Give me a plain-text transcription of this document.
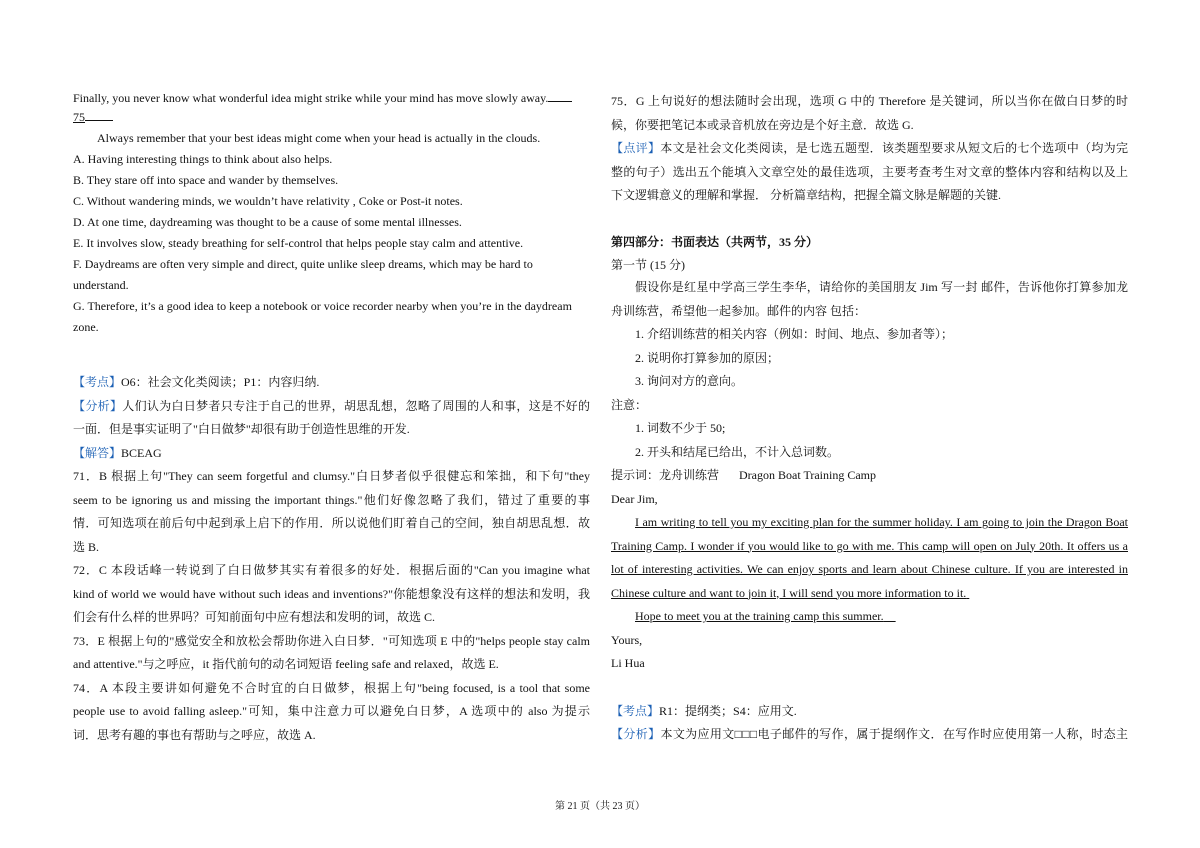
Finally, you never know what wonderful idea might strike while your mind has move slowly away.

75

Always remember that your best ideas might come when your head is actually in the clouds.

A. Having interesting things to think about also helps.

B. They stare off into space and wander by themselves.

C. Without wandering minds, we wouldn’t have relativity , Coke or Post-it notes.

D. At one time, daydreaming was thought to be a cause of some mental illnesses.

E. It involves slow, steady breathing for self-control that helps people stay calm and attentive.

F. Daydreams are often very simple and direct, quite unlike sleep dreams, which may be hard to

understand.

G. Therefore, it’s a good idea to keep a notebook or voice recorder nearby when you’re in the daydream

zone.

【考点】O6：社会文化类阅读；P1：内容归纳.

【分析】人们认为白日梦者只专注于自己的世界，胡思乱想，忽略了周围的人和事，这是不好的

一面．但是事实证明了"白日做梦"却很有助于创造性思维的开发.

【解答】BCEAG

71．B 根据上句"They can seem forgetful and clumsy."白日梦者似乎很健忘和笨拙，和下句"they

seem to be ignoring us and missing the important things."他们好像忽略了我们，错过了重要的事

情．可知选项在前后句中起到承上启下的作用．所以说他们盯着自己的空间，独自胡思乱想．故

选 B.

72．C 本段话峰一转说到了白日做梦其实有着很多的好处．根据后面的"Can you imagine what

kind of world we would have without such ideas and inventions?"你能想象没有这样的想法和发明，我

们会有什么样的世界吗？可知前面句中应有想法和发明的词，故选 C.

73．E 根据上句的"感觉安全和放松会帮助你进入白日梦．"可知选项 E 中的"helps people stay calm

and attentive."与之呼应，it 指代前句的动名词短语 feeling safe and relaxed，故选 E.

74．A 本段主要讲如何避免不合时宜的白日做梦，根据上句"being focused, is a tool that some

people use to avoid falling asleep."可知，集中注意力可以避免白日梦，A 选项中的 also 为提示

词．思考有趣的事也有帮助与之呼应，故选 A.

75．G 上句说好的想法随时会出现，选项 G 中的 Therefore 是关键词，所以当你在做白日梦的时

候，你要把笔记本或录音机放在旁边是个好主意．故选 G.

【点评】本文是社会文化类阅读，是七选五题型．该类题型要求从短文后的七个选项中（均为完

整的句子）选出五个能填入文章空处的最佳选项，主要考查考生对文章的整体内容和结构以及上

下文逻辑意义的理解和掌握． 分析篇章结构，把握全篇文脉是解题的关键.

第四部分：书面表达（共两节，35 分）

第一节 (15 分)

假设你是红星中学高三学生李华，请给你的美国朋友 Jim 写一封 邮件，告诉他你打算参加龙

舟训练营，希望他一起参加。邮件的内容 包括：

1. 介绍训练营的相关内容（例如：时间、地点、参加者等）；

2. 说明你打算参加的原因；

3. 询问对方的意向。

注意：

1. 词数不少于 50;

2. 开头和结尾已给出，不计入总词数。

提示词：龙舟训练营 Dragon Boat Training Camp

Dear Jim,

I am writing to tell you my exciting plan for the summer holiday. I am going to join the Dragon Boat

Training Camp. I wonder if you would like to go with me. This camp will open on July 20th. It offers us a

lot of interesting activities. We can enjoy sports and learn about Chinese culture. If you are interested in

Chinese culture and want to join it, I will send you more information to it.

Hope to meet you at the training camp this summer.

Yours,

Li Hua

【考点】R1：提纲类；S4：应用文.

【分析】本文为应用文□□□电子邮件的写作，属于提纲作文．在写作时应使用第一人称，时态主

第 21 页（共 23 页）
